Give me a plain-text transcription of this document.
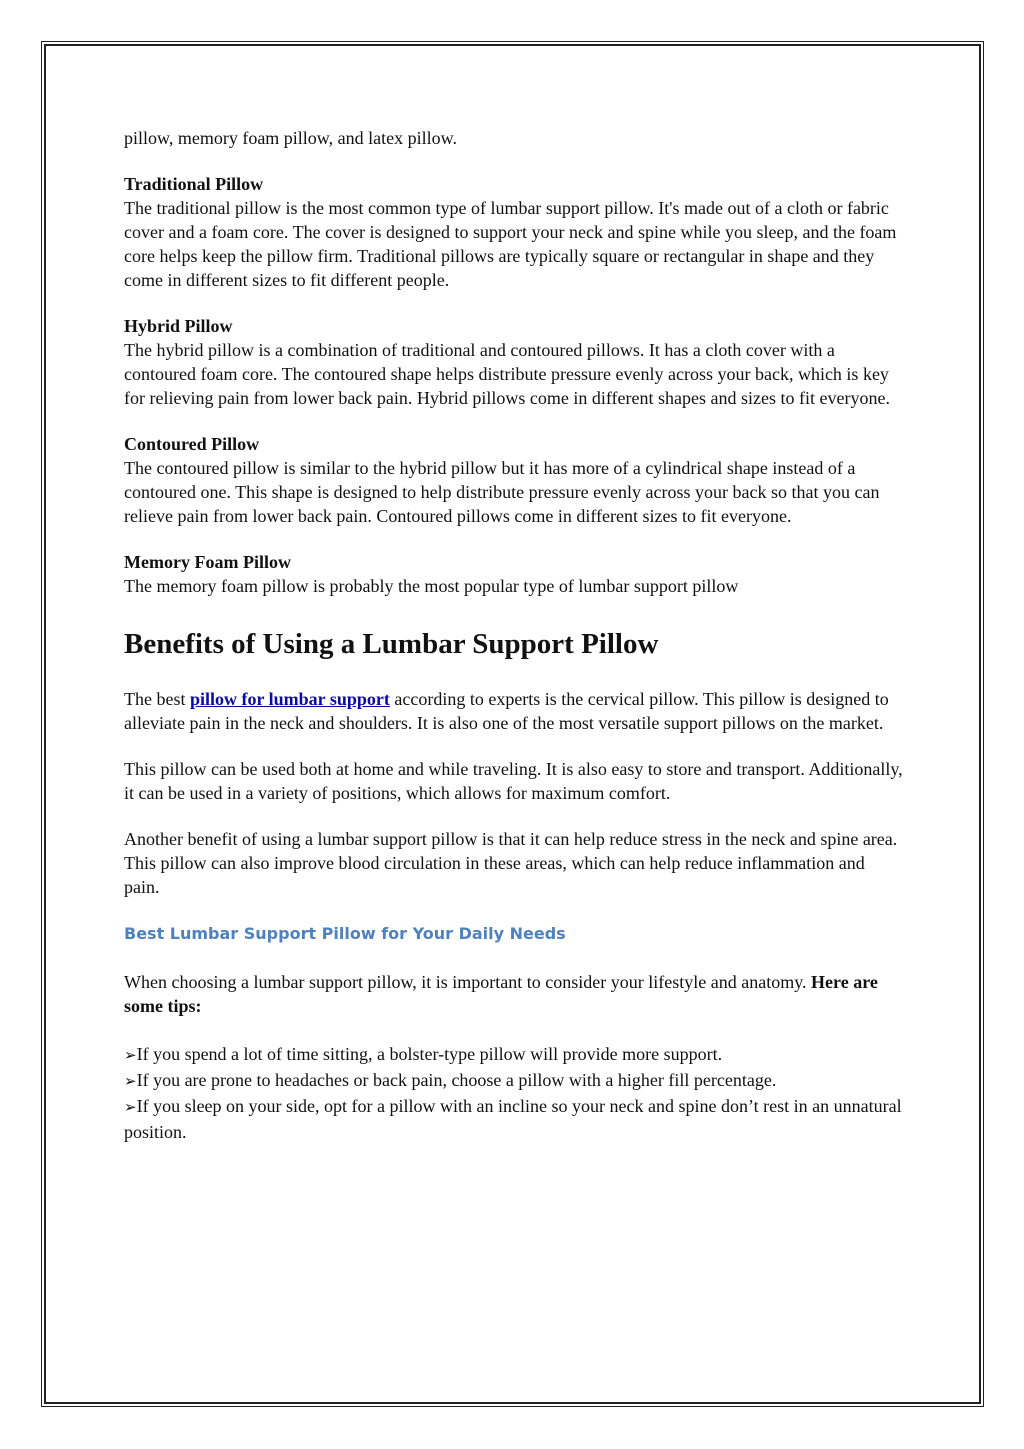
pillow, memory foam pillow, and latex pillow.

Traditional Pillow

The traditional pillow is the most common type of lumbar support pillow. It's made out of a cloth or fabric cover and a foam core. The cover is designed to support your neck and spine while you sleep, and the foam core helps keep the pillow firm. Traditional pillows are typically square or rectangular in shape and they come in different sizes to fit different people.

Hybrid Pillow

The hybrid pillow is a combination of traditional and contoured pillows. It has a cloth cover with a contoured foam core. The contoured shape helps distribute pressure evenly across your back, which is key for relieving pain from lower back pain. Hybrid pillows come in different shapes and sizes to fit everyone.

Contoured Pillow

The contoured pillow is similar to the hybrid pillow but it has more of a cylindrical shape instead of a contoured one. This shape is designed to help distribute pressure evenly across your back so that you can relieve pain from lower back pain. Contoured pillows come in different sizes to fit everyone.

Memory Foam Pillow

The memory foam pillow is probably the most popular type of lumbar support pillow

Benefits of Using a Lumbar Support Pillow

The best pillow for lumbar support according to experts is the cervical pillow. This pillow is designed to alleviate pain in the neck and shoulders. It is also one of the most versatile support pillows on the market.

This pillow can be used both at home and while traveling. It is also easy to store and transport. Additionally, it can be used in a variety of positions, which allows for maximum comfort.

Another benefit of using a lumbar support pillow is that it can help reduce stress in the neck and spine area. This pillow can also improve blood circulation in these areas, which can help reduce inflammation and pain.

Best Lumbar Support Pillow for Your Daily Needs

When choosing a lumbar support pillow, it is important to consider your lifestyle and anatomy. Here are some tips:

➢If you spend a lot of time sitting, a bolster-type pillow will provide more support.
➢If you are prone to headaches or back pain, choose a pillow with a higher fill percentage.
➢If you sleep on your side, opt for a pillow with an incline so your neck and spine don’t rest in an unnatural position.
